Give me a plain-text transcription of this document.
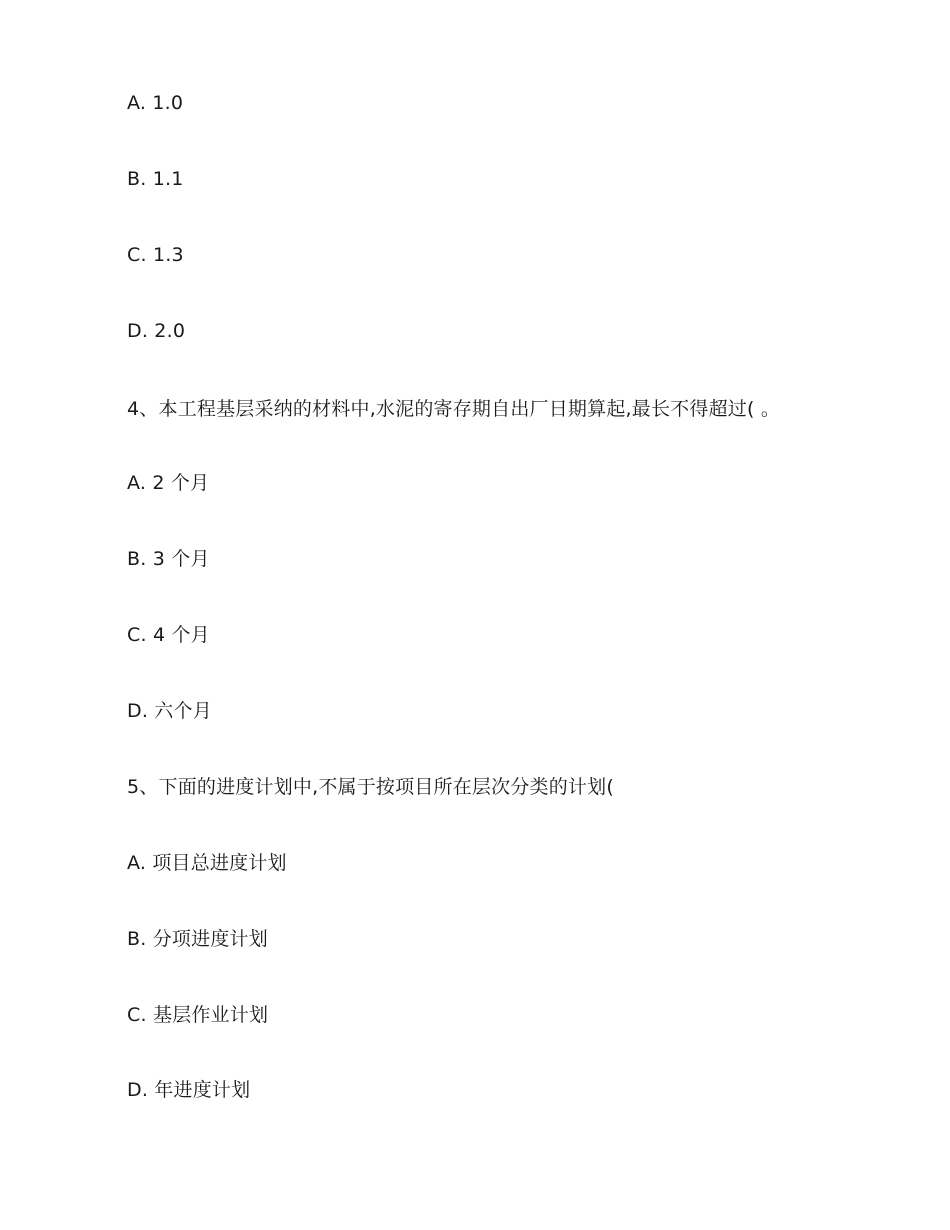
A. 1.0
B. 1.1
C. 1.3
D. 2.0
4、本工程基层采纳的材料中,水泥的寄存期自出厂日期算起,最长不得超过( 。
A. 2 个月
B. 3 个月
C. 4 个月
D. 六个月
5、下面的进度计划中,不属于按项目所在层次分类的计划(
A. 项目总进度计划
B. 分项进度计划
C. 基层作业计划
D. 年进度计划
